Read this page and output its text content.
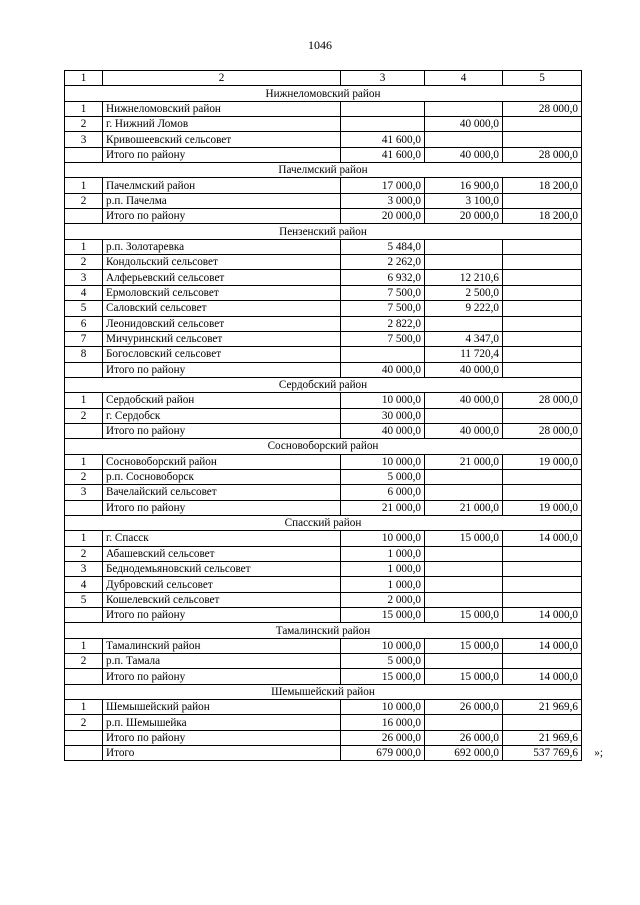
1046
1	2	3	4	5
Нижнеломовский район				
1	Нижнеломовский район			28 000,0
2	г. Нижний Ломов		40 000,0	
3	Кривошеевский сельсовет	41 600,0		
	Итого по району	41 600,0	40 000,0	28 000,0
Пачелмский район				
1	Пачелмский район	17 000,0	16 900,0	18 200,0
2	р.п. Пачелма	3 000,0	3 100,0	
	Итого по району	20 000,0	20 000,0	18 200,0
Пензенский район				
1	р.п. Золотаревка	5 484,0		
2	Кондольский сельсовет	2 262,0		
3	Алферьевский сельсовет	6 932,0	12 210,6	
4	Ермоловский сельсовет	7 500,0	2 500,0	
5	Саловский сельсовет	7 500,0	9 222,0	
6	Леонидовский сельсовет	2 822,0		
7	Мичуринский сельсовет	7 500,0	4 347,0	
8	Богословский сельсовет		11 720,4	
	Итого по району	40 000,0	40 000,0	
Сердобский район				
1	Сердобский район	10 000,0	40 000,0	28 000,0
2	г. Сердобск	30 000,0		
	Итого по району	40 000,0	40 000,0	28 000,0
Сосновоборский район				
1	Сосновоборский район	10 000,0	21 000,0	19 000,0
2	р.п. Сосновоборск	5 000,0		
3	Вачелайский сельсовет	6 000,0		
	Итого по району	21 000,0	21 000,0	19 000,0
Спасский район				
1	г. Спасск	10 000,0	15 000,0	14 000,0
2	Абашевский сельсовет	1 000,0		
3	Беднодемьяновский сельсовет	1 000,0		
4	Дубровский сельсовет	1 000,0		
5	Кошелевский сельсовет	2 000,0		
	Итого по району	15 000,0	15 000,0	14 000,0
Тамалинский район				
1	Тамалинский район	10 000,0	15 000,0	14 000,0
2	р.п. Тамала	5 000,0		
	Итого по району	15 000,0	15 000,0	14 000,0
Шемышейский район				
1	Шемышейский район	10 000,0	26 000,0	21 969,6
2	р.п. Шемышейка	16 000,0		
	Итого по району	26 000,0	26 000,0	21 969,6
	Итого	679 000,0	692 000,0	537 769,6 »;
